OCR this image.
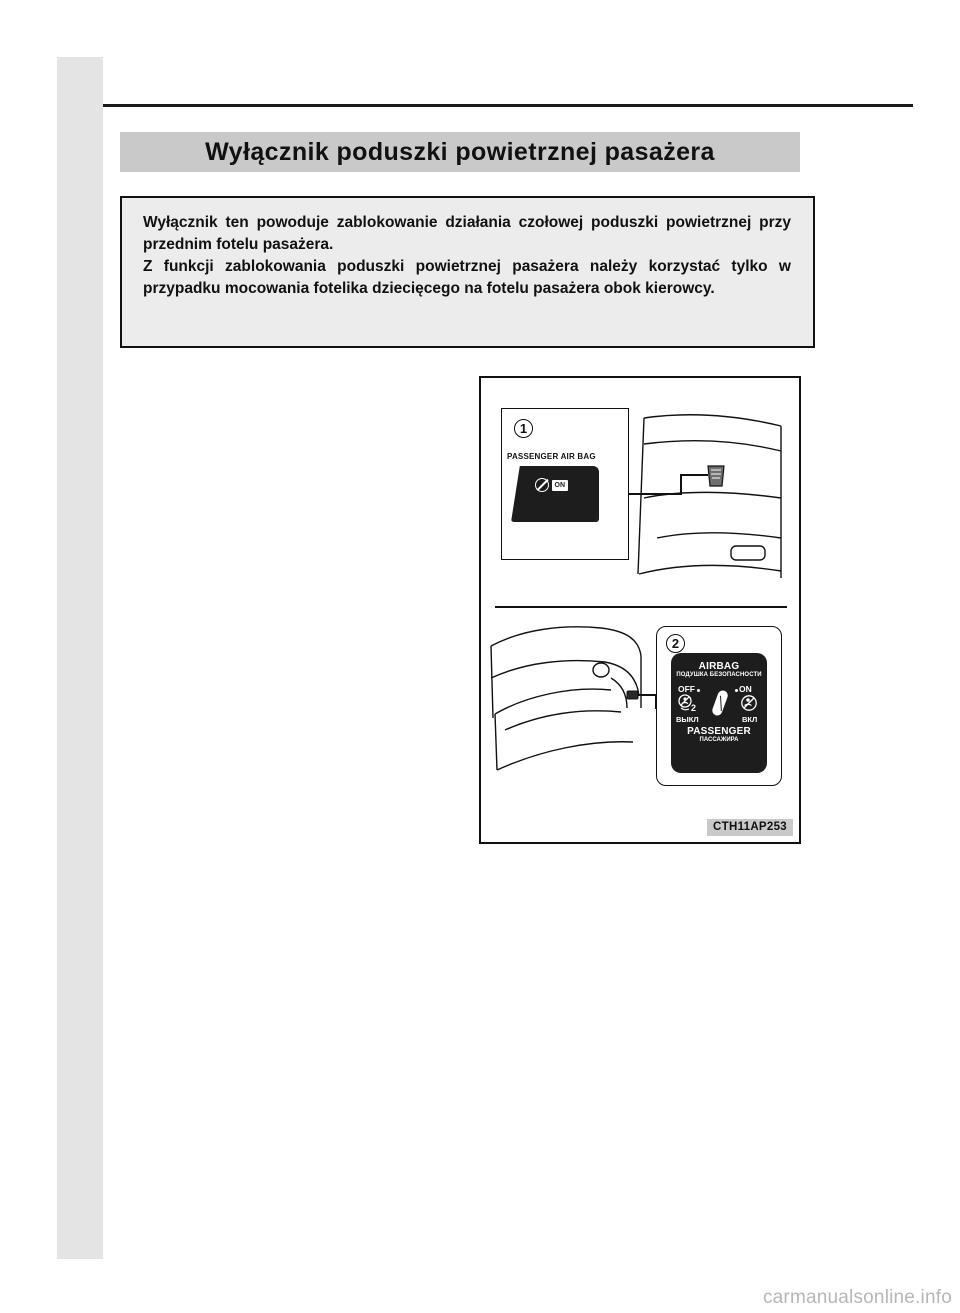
Wyłącznik poduszki powietrznej pasażera

Wyłącznik ten powoduje zablokowanie działania czołowej poduszki powietrznej przy przednim fotelu pasażera.

Z funkcji zablokowania poduszki powietrznej pasażera należy korzystać tylko w przypadku mocowania fotelika dziecięcego na fotelu pasażera obok kierowcy.

1
PASSENGER AIR BAG
ON
2
AIRBAG
ПОДУШКА БЕЗОПАСНОСТИ
OFF	ON
2
ВЫКЛ	ВКЛ
PASSENGER
ПАССАЖИРА
CTH11AP253
carmanualsonline.info
